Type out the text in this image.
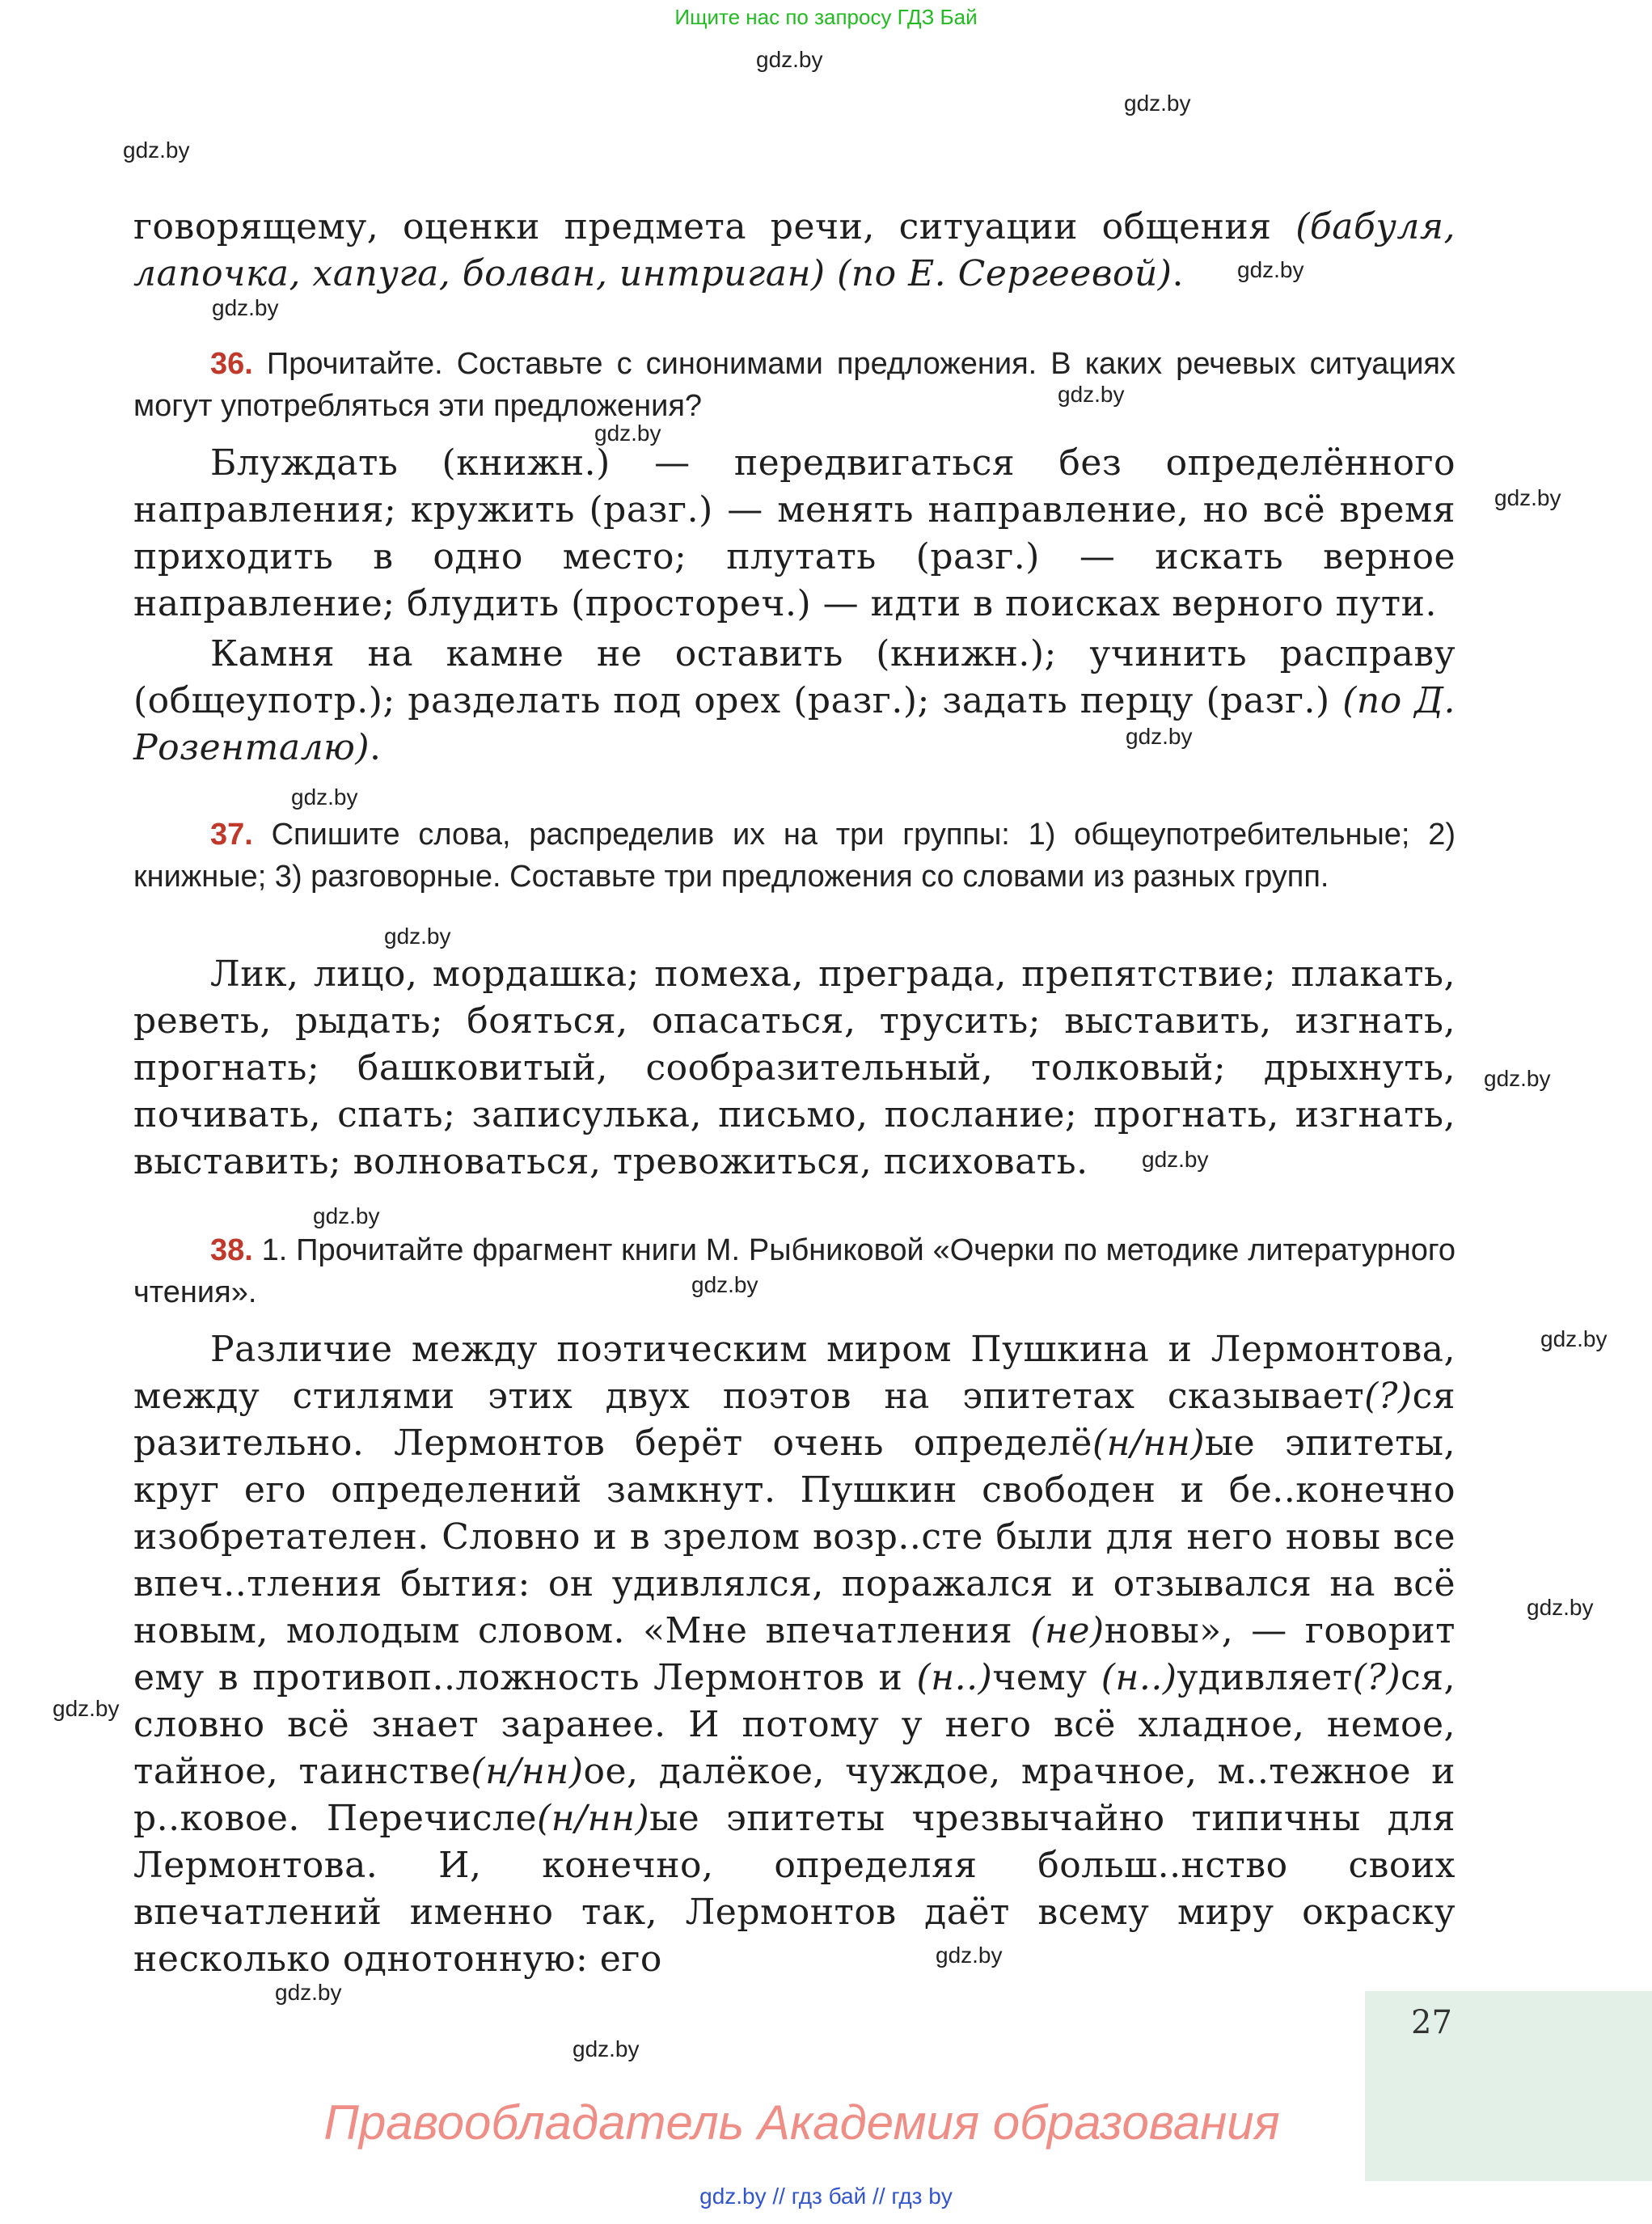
Ищите нас по запросу ГДЗ Бай
gdz.by
gdz.by
gdz.by
gdz.by
gdz.by
gdz.by
gdz.by
gdz.by
gdz.by
gdz.by
gdz.by
gdz.by
gdz.by
gdz.by
gdz.by
gdz.by
gdz.by
gdz.by
gdz.by
gdz.by
gdz.by
говорящему, оценки предмета речи, ситуации общения (бабуля, лапочка, хапуга, болван, интриган) (по Е. Сергеевой).
36. Прочитайте. Составьте с синонимами предложения. В каких речевых ситуациях могут употребляться эти предложения?
Блуждать (книжн.) — передвигаться без определённого направления; кружить (разг.) — менять направление, но всё время приходить в одно место; плутать (разг.) — искать верное направление; блудить (простореч.) — идти в поисках верного пути.
Камня на камне не оставить (книжн.); учинить расправу (общеупотр.); разделать под орех (разг.); задать перцу (разг.) (по Д. Розенталю).
37. Спишите слова, распределив их на три группы: 1) общеупотребительные; 2) книжные; 3) разговорные. Составьте три предложения со словами из разных групп.
Лик, лицо, мордашка; помеха, преграда, препятствие; плакать, реветь, рыдать; бояться, опасаться, трусить; выставить, изгнать, прогнать; башковитый, сообразительный, толковый; дрыхнуть, почивать, спать; записулька, письмо, послание; прогнать, изгнать, выставить; волноваться, тревожиться, психовать.
38. 1. Прочитайте фрагмент книги М. Рыбниковой «Очерки по методике литературного чтения».
Различие между поэтическим миром Пушкина и Лермонтова, между стилями этих двух поэтов на эпитетах сказывает(?)ся разительно. Лермонтов берёт очень определё(н/нн)ые эпитеты, круг его определений замкнут. Пушкин свободен и бе..конечно изобретателен. Словно и в зрелом возр..сте были для него новы все впеч..тления бытия: он удивлялся, поражался и отзывался на всё новым, молодым словом. «Мне впечатления (не)новы», — говорит ему в противоп..ложность Лермонтов и (н..)чему (н..)удивляет(?)ся, словно всё знает заранее. И потому у него всё хладное, немое, тайное, таинстве(н/нн)ое, далёкое, чуждое, мрачное, м..тежное и р..ковое. Перечисле(н/нн)ые эпитеты чрезвычайно типичны для Лермонтова. И, конечно, определяя больш..нство своих впечатлений именно так, Лермонтов даёт всему миру окраску несколько однотонную: его
27
Правообладатель Академия образования
gdz.by // гдз бай // гдз by
